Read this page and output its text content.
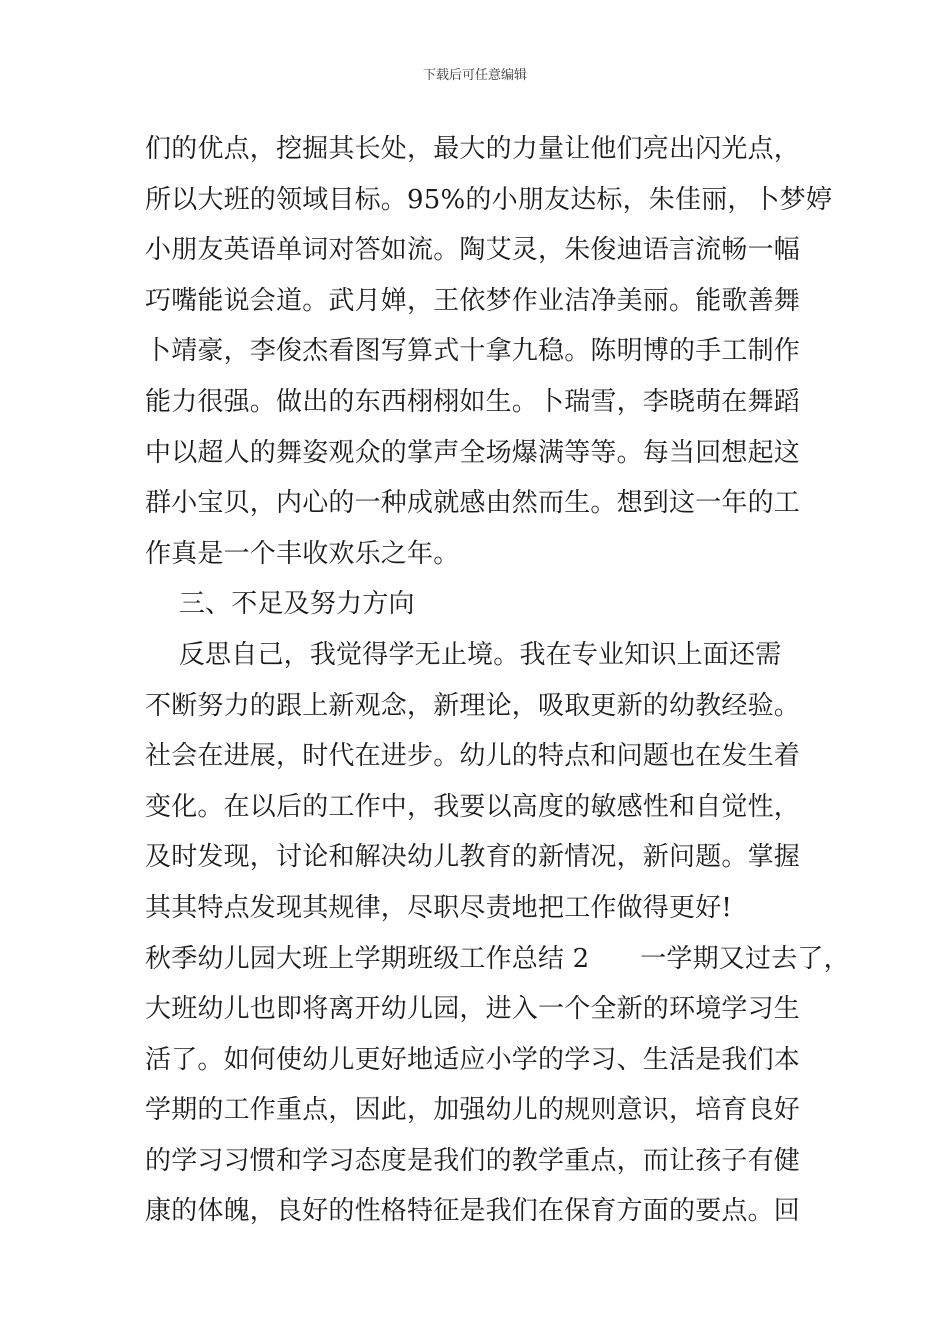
下载后可任意编辑
们的优点，挖掘其长处，最大的力量让他们亮出闪光点，
所以大班的领域目标。95%的小朋友达标，朱佳丽，卜梦婷
小朋友英语单词对答如流。陶艾灵，朱俊迪语言流畅一幅
巧嘴能说会道。武月婵，王依梦作业洁净美丽。能歌善舞
卜靖豪，李俊杰看图写算式十拿九稳。陈明博的手工制作
能力很强。做出的东西栩栩如生。卜瑞雪，李晓萌在舞蹈
中以超人的舞姿观众的掌声全场爆满等等。每当回想起这
群小宝贝，内心的一种成就感由然而生。想到这一年的工
作真是一个丰收欢乐之年。
三、不足及努力方向
反思自己，我觉得学无止境。我在专业知识上面还需
不断努力的跟上新观念，新理论，吸取更新的幼教经验。
社会在进展，时代在进步。幼儿的特点和问题也在发生着
变化。在以后的工作中，我要以高度的敏感性和自觉性，
及时发现，讨论和解决幼儿教育的新情况，新问题。掌握
其其特点发现其规律，尽职尽责地把工作做得更好!
秋季幼儿园大班上学期班级工作总结 2      一学期又过去了，
大班幼儿也即将离开幼儿园，进入一个全新的环境学习生
活了。如何使幼儿更好地适应小学的学习、生活是我们本
学期的工作重点，因此，加强幼儿的规则意识，培育良好
的学习习惯和学习态度是我们的教学重点，而让孩子有健
康的体魄，良好的性格特征是我们在保育方面的要点。回
